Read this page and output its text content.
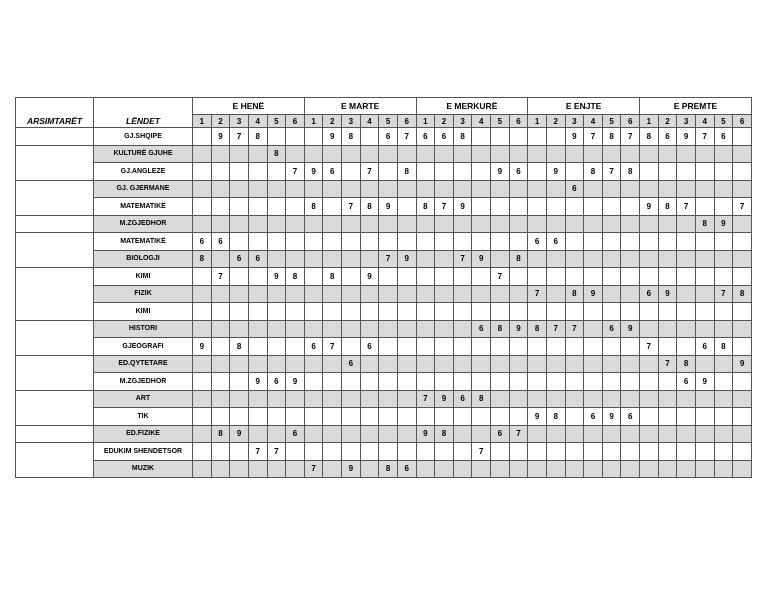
ARSIMTARËT	LËNDET	E HENË						E MARTE						E MERKURË						E ENJTE						E PREMTE					
		1	2	3	4	5	6	1	2	3	4	5	6	1	2	3	4	5	6	1	2	3	4	5	6	1	2	3	4	5	6
	GJ.SHQIPE		9	7	8				9	8		6	7	6	6	8						9	7	8	7	8	6	9	7	6	
	KULTURË GJUHE					8																									
	GJ.ANGLEZE						7	9	6		7		8					9	6		9		8	7	8						
	GJ. GJERMANE																					6									
	MATEMATIKË							8		7	8	9		8	7	9										9	8	7			7
	M.ZGJEDHOR																												8	9	
	MATEMATIKË	6	6																	6	6										
	BIOLOGJI	8		6	6							7	9			7	9		8												
	KIMI		7			9	8		8		9							7													
	FIZIK																			7		8	9			6	9			7	8
	KIMI																														
	HISTORI																6	8	9	8	7	7		6	9						
	GJEOGRAFI	9		8				6	7		6															7			6	8	
	ED.QYTETARE									6																	7	8			9
	M.ZGJEDHOR				9	6	9																					6	9		
	ART													7	9	6	8														
	TIK																			9	8		6	9	6						
	ED.FIZIKE		8	9			6							9	8			6	7												
	EDUKIM SHENDETSOR				7	7											7														
	MUZIK							7		9		8	6																		
